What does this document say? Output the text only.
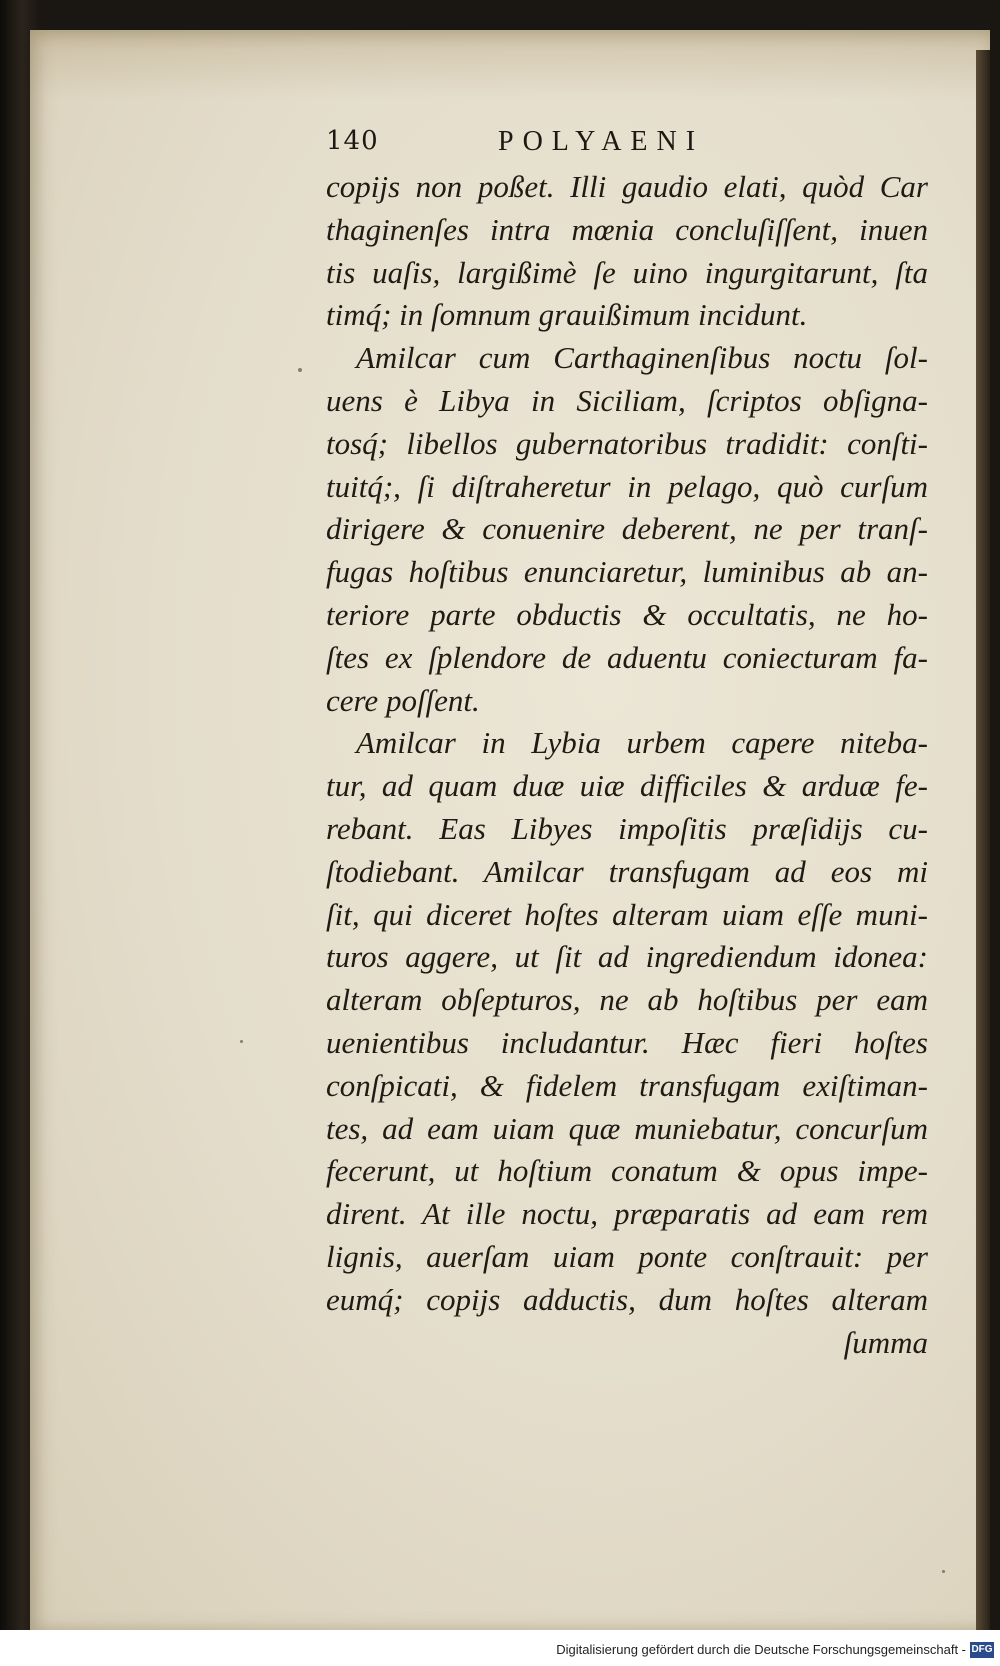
140	POLYAENI
copijs non poßet. Illi gaudio elati, quòd Car
thaginenſes intra mœnia concluſiſſent, inuen
tis uaſis, largißimè ſe uino ingurgitarunt, ſta
timq́; in ſomnum grauißimum incidunt.
Amilcar cum Carthaginenſibus noctu ſol-
uens è Libya in Siciliam, ſcriptos obſigna-
tosq́; libellos gubernatoribus tradidit: conſti-
tuitq́;, ſi diſtraheretur in pelago, quò curſum
dirigere & conuenire deberent, ne per tranſ-
fugas hoſtibus enunciaretur, luminibus ab an-
teriore parte obductis & occultatis, ne ho-
ſtes ex ſplendore de aduentu coniecturam fa-
cere poſſent.
Amilcar in Lybia urbem capere niteba-
tur, ad quam duæ uiæ difficiles & arduæ fe-
rebant. Eas Libyes impoſitis præſidijs cu-
ſtodiebant. Amilcar transfugam ad eos mi
ſit, qui diceret hoſtes alteram uiam eſſe muni-
turos aggere, ut ſit ad ingrediendum idonea:
alteram obſepturos, ne ab hoſtibus per eam
uenientibus includantur. Hæc fieri hoſtes
conſpicati, & fidelem transfugam exiſtiman-
tes, ad eam uiam quæ muniebatur, concurſum
fecerunt, ut hoſtium conatum & opus impe-
dirent. At ille noctu, præparatis ad eam rem
lignis, auerſam uiam ponte conſtrauit: per
eumq́; copijs adductis, dum hoſtes alteram
ſumma
Digitalisierung gefördert durch die Deutsche Forschungsgemeinschaft - DFG
